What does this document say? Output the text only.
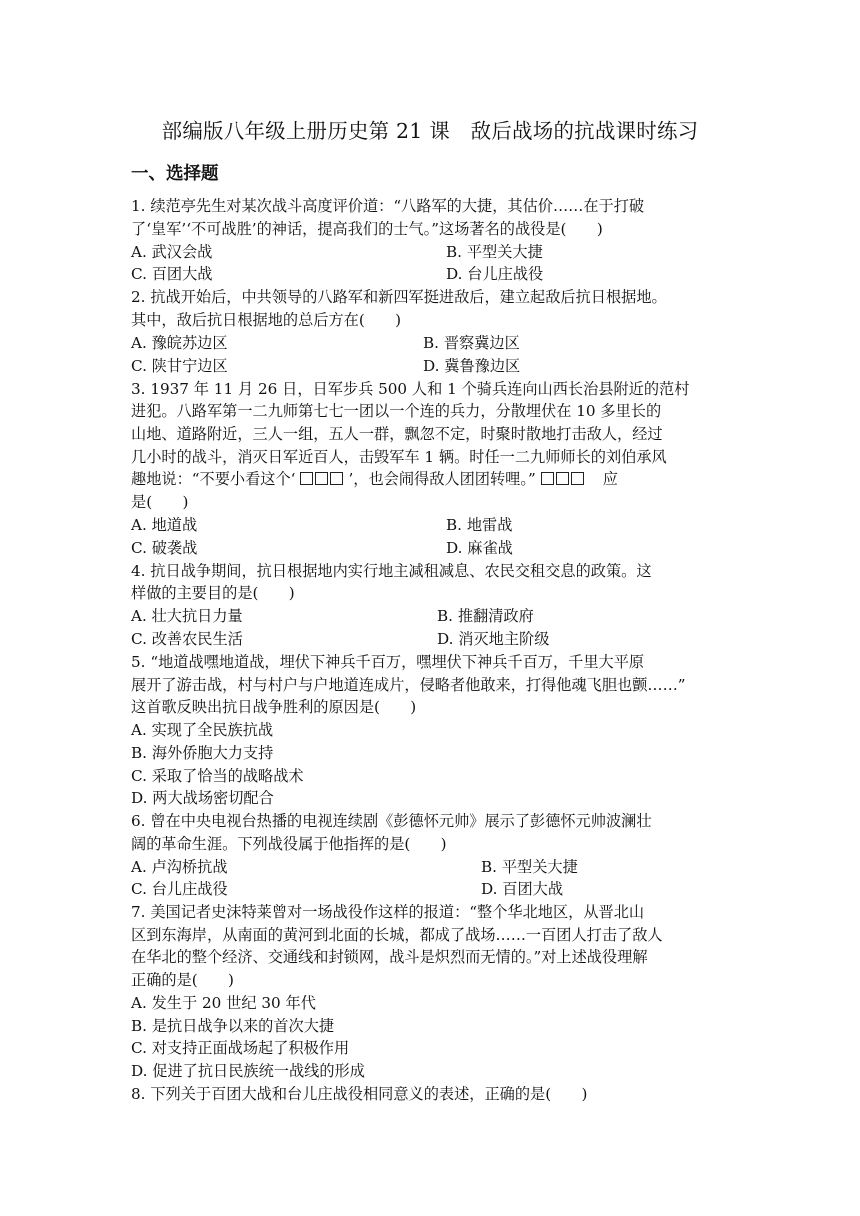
部编版八年级上册历史第 21 课　敌后战场的抗战课时练习
一、选择题
1. 续范亭先生对某次战斗高度评价道：“八路军的大捷，其估价……在于打破
了‘皇军’‘不可战胜’的神话，提高我们的士气。”这场著名的战役是(　　)
A. 武汉会战	B. 平型关大捷
C. 百团大战	D. 台儿庄战役
2. 抗战开始后，中共领导的八路军和新四军挺进敌后，建立起敌后抗日根据地。
其中，敌后抗日根据地的总后方在(　　)
A. 豫皖苏边区	B. 晋察冀边区
C. 陕甘宁边区	D. 冀鲁豫边区
3. 1937 年 11 月 26 日，日军步兵 500 人和 1 个骑兵连向山西长治县附近的范村
进犯。八路军第一二九师第七七一团以一个连的兵力，分散埋伏在 10 多里长的
山地、道路附近，三人一组，五人一群，飘忽不定，时聚时散地打击敌人，经过
几小时的战斗，消灭日军近百人，击毁军车 1 辆。时任一二九师师长的刘伯承风
趣地说：“不要小看这个‘	’，也会闹得敌人团团转哩。”	应
是(　　)
A. 地道战	B. 地雷战
C. 破袭战	D. 麻雀战
4. 抗日战争期间，抗日根据地内实行地主减租减息、农民交租交息的政策。这
样做的主要目的是(　　)
A. 壮大抗日力量	B. 推翻清政府
C. 改善农民生活	D. 消灭地主阶级
5. “地道战嘿地道战，埋伏下神兵千百万，嘿埋伏下神兵千百万，千里大平原
展开了游击战，村与村户与户地道连成片，侵略者他敢来，打得他魂飞胆也颤……”
这首歌反映出抗日战争胜利的原因是(　　)
A. 实现了全民族抗战
B. 海外侨胞大力支持
C. 采取了恰当的战略战术
D. 两大战场密切配合
6. 曾在中央电视台热播的电视连续剧《彭德怀元帅》展示了彭德怀元帅波澜壮
阔的革命生涯。下列战役属于他指挥的是(　　)
A. 卢沟桥抗战	B. 平型关大捷
C. 台儿庄战役	D. 百团大战
7. 美国记者史沫特莱曾对一场战役作这样的报道：“整个华北地区，从晋北山
区到东海岸，从南面的黄河到北面的长城，都成了战场……一百团人打击了敌人
在华北的整个经济、交通线和封锁网，战斗是炽烈而无情的。”对上述战役理解
正确的是(　　)
A. 发生于 20 世纪 30 年代
B. 是抗日战争以来的首次大捷
C. 对支持正面战场起了积极作用
D. 促进了抗日民族统一战线的形成
8. 下列关于百团大战和台儿庄战役相同意义的表述，正确的是(　　)
